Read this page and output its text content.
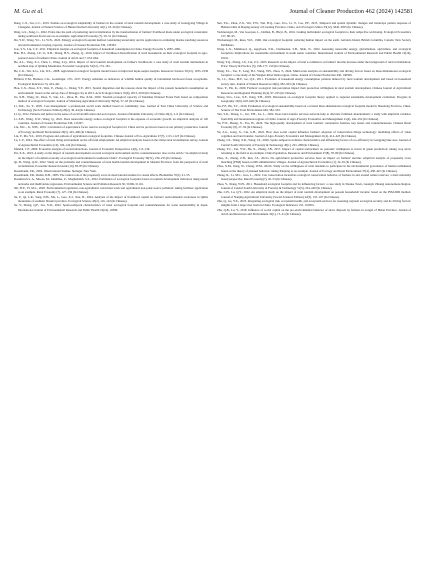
M. Gu et al.	Journal of Cleaner Production 462 (2024) 142581

Deng, C.X., Liu, C.C., 2019. Studies on ecological adaptability of farmers in the context of rural tourism development: a case study of Guangyang Village in Changsha. Journal of Natural Science of Hunan Normal University 42(1), 18–26 (In Chinese).

Ding, G.S., Jiang, C., 2022. Probe into the path of promoting rural revitalization by the transformation of farmers' livelihood mode under ecological constraints: taking southwest Karst area as an example. Agricultural Economy (7), 50–51 (In Chinese).

Du, Y.W., Wang, Y.C., Li, W.N., 2022. Emergy ecological footprint method considering uncertainty and its application in evaluating marine ranching resources and environmental carrying capacity. Journal of Cleaner Production 336, 130363.

Gao, S.Y., Liu, C.Y., 2011. Empirical analysis on ecological footprint of household consumption in China. Energy Procedia 5, 2087–2091.

Han, H.J., Zhang, J.P., Li, X.B., Zhang, H.Y., Zheng, Q., 2019. Impact of livelihood diversification of rural households on their ecological footprint in agro-pastoral areas of northern China. Journal of Arid Land 7, 653–664.

He, A.L., Yang, X.J., Chen, J., Wang, Z.Q., 2014. Impact of rural tourism development on farmer's livelihoods: a case study of rural tourism destinations in northern slop of Qinling Mountains. Economic Geography 34(12), 174–181.

He, C.K., Wu, X.G., Liu, W.L., 2008. Agricultural ecological footprint model based on improved input-output analysis. Resources Science 30(12), 1933–1939 (In Chinese).

Hilliard, E.M., Hudson, C.K., Goetzinger, J.W., 2017. Energy subsidies as indicators of wildlife habitat quality in bottomland hardwood forest ecosystems. Ecological Indicators 74, 434–441.

Hou, C.X., Zhou, X.Y., Wen, Y., Zhang, L., Zhang, Y.Y., 2015. Spatial disparities and the reasons about the impact of the present household consumption on environment: based on the survey data of Zhangpi city in 2013. Acta Ecologica Sinica 35(6), 2013–2019 (In Chinese).

Jia, X.H., Wang, W., Zhou, Y., Sun, L.L., Zhou, H., Yue, X.M., 2020. Tourism ecological capacity of Taizishan National Forest Park based on composition method of ecological footprint. Journal of Shandong Agricultural University 39(54), 57–63 (In Chinese).

Li, D.R., Jia, Y., 2005. Cost management: a professional social work method based on community case. Journal of East China University of Science and Technology (Social Science Edition) 20(2), 39–44 (In Chinese).

Li, Q., 2012. Patterns and justice in the sense of social stratification and social space. Journal of Renmin University of China 26(1), 2–9 (In Chinese).

Li, X.B., Wang, X.W., Wang, Q., 2022. Does renewable energy reduce ecological footprint at the expense of economic growth: an empirical analysis of 120 countries. Journal of Cleaner Production 346, 131207.

Liu, M.C., Li, W.H., 2010. Calculation of equivalence factor used in ecological footprint for China and its provinces based on net primary production. Journal of Ecology and Rural Environment 26(5), 401–406 (In Chinese).

Liu, Y., Ma, Y.Z., 2019. Progress and outlook of agricultural ecological footprints. Chinese Journal of Eco-Agriculture 27(7), 1115–1123 (In Chinese).

Lu, C.Y., 2024. The effect of rural living environment on the off-farm employment: An empirical analysis based on the China rural revitalization survey. Journal of Agrotechnical Economics (10), 106–124 (In Chinese).

Mandal, C.F., 2000. Economic analysis of social interactions. Journal of Economic Perspectives 14(3), 115–136.

Pei, X.X., 2023. A study on the impact of tourism development on rural ecological environment and its countermeasures: also on the article "an empirical study on the impact of tourism economy on ecological environment in southwest China". Ecological Economy 39(31), 230–233 (In Chinese).

Qi, H., Wang, Q.W., 2022. Study on the problems and countermeasures of rural health tourism development in Shaanxi Province: from the perspective of rural revitalization. Economic Research Guide (10), 83–85 (In Chinese).

Rosenbaum, P.R., 2002. Observational Studies. Springer, New York.

Rosenbaum, P.R., Rubin, D.B., 1983. The central role of the propensity score in observational studies for causal effects. Biometrika 70(1), 41–55.

Rozumowicz, A., Moosa, M., Idealibus, Z., Moghaddam, S.S., 2022. Estimation of ecological footprint based on tourism development indicators using neural networks and multivariate regression. Environmental Science and Pollution Research 30, 51096–51116.

Shi, H.Y., Yi, M.L., 2020. Environmental regulation, non-agricultural concurrent work and agricultural non-point source pollution: taking fertilizer application as an example. Rural Economy (7), 127–136 (In Chinese).

Su, F., Qi, L.R., Song, N.H., Ma, L., Guo, X.J., Xue, B., 2024. Analysis of the impact of livelihood capital on farmers' environmental awareness in Qinba mountains of southern Shaanxi province. Ecological Science 43(2), 116–122 (In Chinese).

Su, Y., Zhang, Q.F., Liu, X.D., 2022. Spatio-temporal characteristics of water ecological footprint and countermeasures for water sustainability in Japan. International Journal of Environmental Research and Public Health 19(16), 10380.

Sun, Y.G., Zhou, Z.X., Wu, Y.W., Wei, B.Q., Guo, X.G., Li, Y., Cao, P.F., 2013. Temporal and spatial dynamic changes and landscape pattern response of Hemerocallis in Daqing estuary of Liaoning Province, China. Acta Ecologica Sinica 33(12), 3645–3655 (In Chinese).

Vacklernagal, M., Van Goorpen, L., Deltlen, B., Bleyt, B., 2016. Linking individuals' ecological footprint to their subjective well-being. Ecological Economics 127, 80–95.

Wackernagel, M., Rees, W.E., 1996. Our ecological footprint: reducing human impact on the earth. Gabriola Island, British Columbia, Canada: New Society Publishers.

Wang, L.X., Mahmood, Q., Ageyboen, E.R., Chamsenan, S.B., Shah, N., 2022. Assessing renewable energy, globalization, agriculture, and ecological footprints: implications for sustainable environment in south Asian countries. International Journal of Environmental Research and Public Health 19(16), 10161.

Wang, Y.Q., Zhang, J.X., Liu, Z.T., 2023. Research on the impact of rural e-commerce on farmers' income increase under the background of rural revitalization. Price: Theory & Practice (5), 198–177, 210 (In Chinese).

Wang, E.L., Tao, F., Leng, H.J., Wang, Y.H., Zhou, T., 2024. Multi-scale analysis on sustainability and driving factors based on three-dimensional ecological footprint: a case study of the Yangtze River Delta region, China. Journal of Cleaner Production 436, 140506.

Xi, J.C., Zhao, M.F., Ge, Q.S., 2011. Evolution of household energy consumption patterns induced by rural tourism development and based on household survey data. Journal of Natural Resources 26(6), 981–991 (In Chinese).

Xiao, Y., Yin, K., 2020. Farmers' ecological risk perception impact their protection willingness in rural tourism development. Chinese Journal of Agricultural Resources and Regional Planning 41(4), 97–105 (In Chinese).

Xiong, D.G., Liao, X.F., Jiang, Y.H., 2003. Discussion on ecological footprint theory applied to regional sustainable development evaluation. Progress in Geography 22(6), 618–626 (In Chinese).

Xu, F.F., Hu, Y.C., 2019. Evaluation of ecological sustainability based on a revised three-dimensional ecological footprint model in Shandong Province, China. Science of The Total Environment 649, 582–591.

Yan, S.K., Zhang, C., Liu, Y.H., Lu, L., 2022. Does land transfer services network help to alleviate farmland abandonment: a study with empirical evidence from hilly and mountainous regions of China. Journal of Agro-Forestry Economics and Management 21(4), 442–452 (In Chinese).

Yu, F.W., Huang, X., Yao, H., 2020. The high-quality development of rural tourism: connotative features, key issues and countermeasures. Chinese Rural Economy (8), 27–39 (In Chinese).

Yu, Z.G., Gong, X., Cui, G.H., 2022. How does social capital influence farmers' adoption of conservation tillage technology: mediating effects of value cognition and land transfer. Journal of Agro-Forestry Economics and Management 21(4), 414–423 (In Chinese).

Zhang, J.X., Wang, X.R., Wang, J.S., 2020. Spatio-temporal evolution characteristics and influencing factors of eco-efficiency in Gongping lake area. Journal of Central South University of Forestry & Technology 40(1), 201–208 (In Chinese).

Zhang, Y.C., Tan, Y.W., He, X., Zhang, J.B., 2017. Impact of capital endowment on peasants' willingness to invest in green production: taking crop straw returning to the field as an example. China Population, Resources and Environment 27(8), 78–89 (In Chinese).

Zhao, X., Zhang, Z.H., Ren, J.Z., 2021a. Do agricultural productive services have an impact on farmers' income: empirical analysis of propensity score matching (PSM) based on 600 administrative villages. Journal of Agrotechnical Economics (1), 32–45 (In Chinese).

Zhao, X.M., Jiang, W., Cheng, W.M., 2021b. Study on the willingness of rural residents to participate in the environmental governance of human settlements based on the theory of planned behavior: taking Xinjiang as an example. Journal of Ecology and Rural Environment 37(4), 438–447 (In Chinese).

Zheng, R., Li, M.C., Guo, L., 2022. Can conservation incentives ecological conservation behavior of farmers in and around nature reserves: a dual rationality based perspective. Rural Economy(7), 45–53 (In Chinese).

Zhou, Y., Xiang, W.H., 2011. Household ecological footprint and its influencing factors: a case study in Shaoke Town, Guangxi Zhuang Autonomous Region. Journal of Central South University of Forestry & Technology 31(5), 234–240 (In Chinese).

Zhu, C.H., Lu, Q.Y., 2022. An empirical study on the impact of rural tourism development on peasant households' income: based on the PSM-DID method. Journal of Nanjing Agricultural University (Social Sciences Edition) 22(3), 155–167 (In Chinese).

Zhu, Q., Ge, Y.X., 2023. Integrating ecological risk, ecosystem health, and ecosystem services for assessing regional ecological security and its driving factors: insights from a large river basin in China. Ecological Indicators 155, 110954.

Zhu, Q.B., Lu, Y., 2018. Influence of social capital on the pro-environmental behavior of straw disposal by farmers in Longxi of Hebei Province. Journal of Arid Land Resources and Environment 32(1), 15–21 (In Chinese).
